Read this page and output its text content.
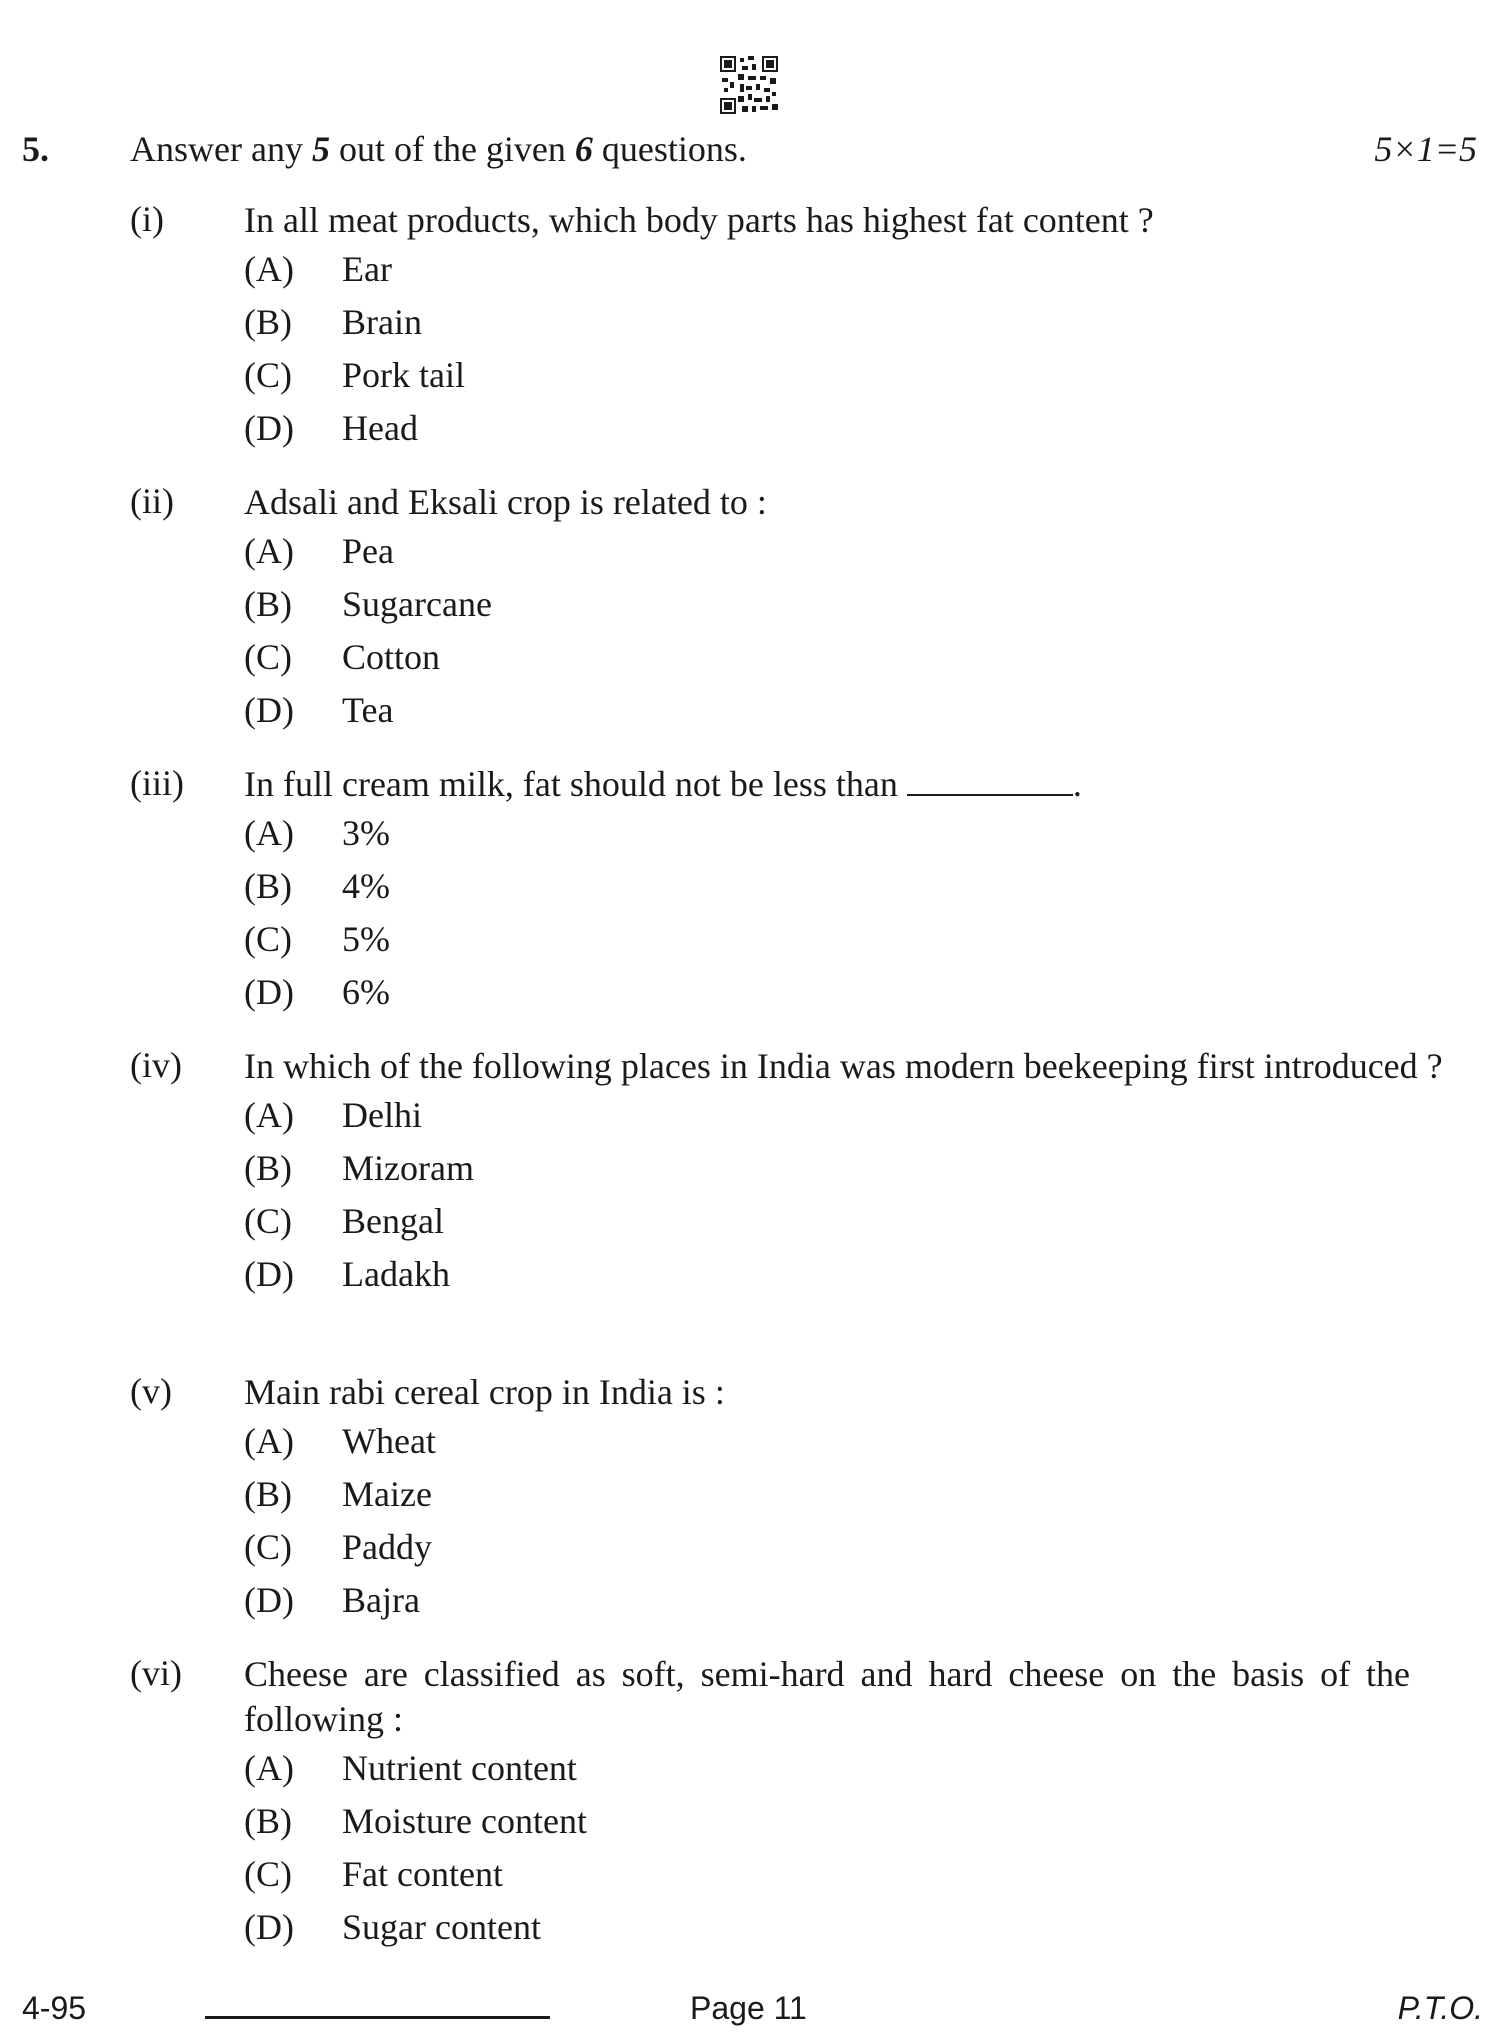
5. Answer any 5 out of the given 6 questions.	5×1=5
(i) In all meat products, which body parts has highest fat content ?
(A) Ear
(B) Brain
(C) Pork tail
(D) Head
(ii) Adsali and Eksali crop is related to :
(A) Pea
(B) Sugarcane
(C) Cotton
(D) Tea
(iii) In full cream milk, fat should not be less than	.
(A) 3%
(B) 4%
(C) 5%
(D) 6%
(iv) In which of the following places in India was modern beekeeping first introduced ?
(A) Delhi
(B) Mizoram
(C) Bengal
(D) Ladakh
(v) Main rabi cereal crop in India is :
(A) Wheat
(B) Maize
(C) Paddy
(D) Bajra
(vi) Cheese are classified as soft, semi-hard and hard cheese on the basis of the following :
(A) Nutrient content
(B) Moisture content
(C) Fat content
(D) Sugar content
4-95	Page 11	P.T.O.
